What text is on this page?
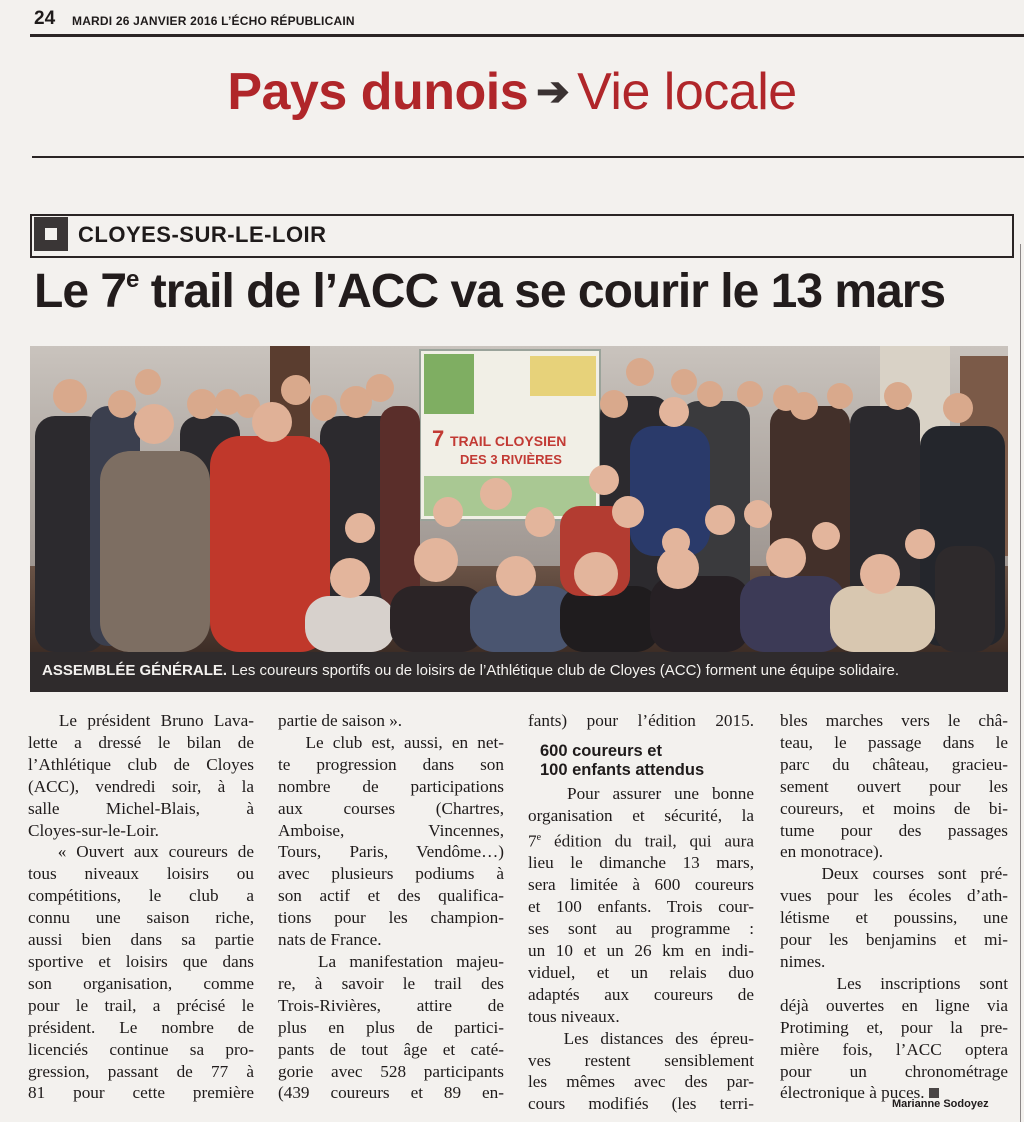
24 MARDI 26 JANVIER 2016 L’ÉCHO RÉPUBLICAIN
Pays dunois ➔ Vie locale
CLOYES-SUR-LE-LOIR
Le 7e trail de l’ACC va se courir le 13 mars
7 TRAIL CLOYSIEN
DES 3 RIVIÈRES
ASSEMBLÉE GÉNÉRALE. Les coureurs sportifs ou de loisirs de l’Athlétique club de Cloyes (ACC) forment une équipe solidaire.
Le président Bruno Lava-
lette a dressé le bilan de
l’Athlétique club de Cloyes
(ACC), vendredi soir, à la
salle Michel-Blais, à
Cloyes-sur-le-Loir.
« Ouvert aux coureurs de
tous niveaux loisirs ou
compétitions, le club a
connu une saison riche,
aussi bien dans sa partie
sportive et loisirs que dans
son organisation, comme
pour le trail, a précisé le
président. Le nombre de
licenciés continue sa pro-
gression, passant de 77 à
81 pour cette première
partie de saison ».
Le club est, aussi, en net-
te progression dans son
nombre de participations
aux courses (Chartres,
Amboise, Vincennes,
Tours, Paris, Vendôme…)
avec plusieurs podiums à
son actif et des qualifica-
tions pour les champion-
nats de France.
La manifestation majeu-
re, à savoir le trail des
Trois-Rivières, attire de
plus en plus de partici-
pants de tout âge et caté-
gorie avec 528 participants
(439 coureurs et 89 en-
fants) pour l’édition 2015.
600 coureurs et
100 enfants attendus
Pour assurer une bonne
organisation et sécurité, la
7e édition du trail, qui aura
lieu le dimanche 13 mars,
sera limitée à 600 coureurs
et 100 enfants. Trois cour-
ses sont au programme :
un 10 et un 26 km en indi-
viduel, et un relais duo
adaptés aux coureurs de
tous niveaux.
Les distances des épreu-
ves restent sensiblement
les mêmes avec des par-
cours modifiés (les terri-
bles marches vers le châ-
teau, le passage dans le
parc du château, gracieu-
sement ouvert pour les
coureurs, et moins de bi-
tume pour des passages
en monotrace).
Deux courses sont pré-
vues pour les écoles d’ath-
létisme et poussins, une
pour les benjamins et mi-
nimes.
Les inscriptions sont
déjà ouvertes en ligne via
Protiming et, pour la pre-
mière fois, l’ACC optera
pour un chronométrage
électronique à puces.
Marianne Sodoyez
